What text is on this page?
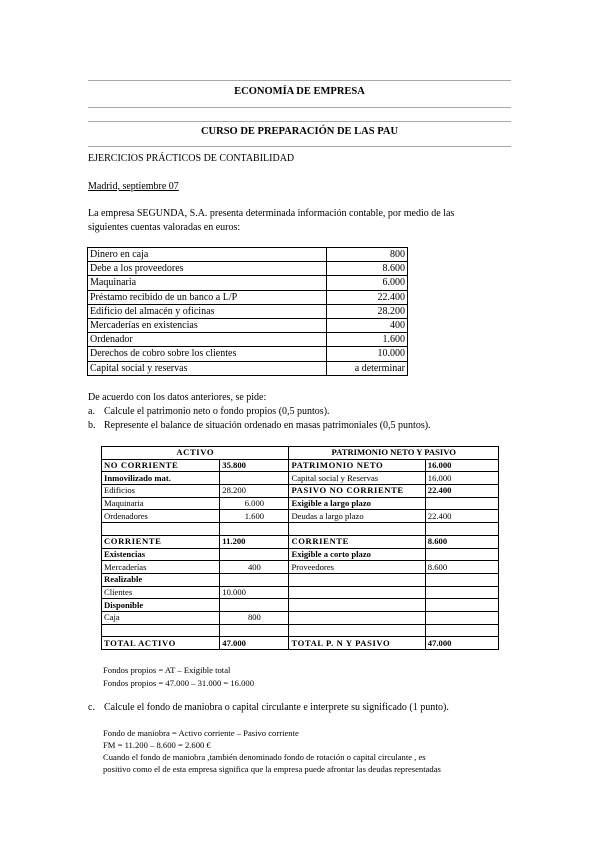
ECONOMÍA DE EMPRESA
CURSO DE PREPARACIÓN DE LAS PAU
EJERCICIOS PRÁCTICOS DE CONTABILIDAD
Madrid, septiembre 07
La empresa SEGUNDA, S.A. presenta determinada información contable, por medio de las
siguientes cuentas valoradas en euros:
Dinero en caja	800
Debe a los proveedores	8.600
Maquinaria	6.000
Préstamo recibido de un banco a L/P	22.400
Edificio del almacén y oficinas	28.200
Mercaderías en existencias	400
Ordenador	1.600
Derechos de cobro sobre los clientes	10.000
Capital social y reservas	a determinar
De acuerdo con los datos anteriores, se pide:
a. Calcule el patrimonio neto o fondo propios (0,5 puntos).
b. Represente el balance de situación ordenado en masas patrimoniales (0,5 puntos).
ACTIVO		PATRIMONIO NETO Y PASIVO	
NO CORRIENTE	35.800	PATRIMONIO NETO	16.000
Inmovilizado mat.		Capital social y Reservas	16.000
Edificios	28.200	PASIVO NO CORRIENTE	22.400
Maquinaria	6.000	Exigible a largo plazo	
Ordenadores	1.600	Deudas a largo plazo	22.400

CORRIENTE	11.200	CORRIENTE	8.600
Existencias		Exigible a corto plazo	
Mercaderías	400	Proveedores	8.600
Realizable			
Clientes	10.000		
Disponible			
Caja	800		

TOTAL ACTIVO	47.000	TOTAL P. N Y PASIVO	47.000
Fondos propios = AT – Exigible total
Fondos propios = 47.000 – 31.000 = 16.000
c. Calcule el fondo de maniobra o capital circulante e interprete su significado (1 punto).
Fondo de maniobra = Activo corriente – Pasivo corriente
FM = 11.200 – 8.600 = 2.600 €
Cuando el fondo de maniobra ,también denominado fondo de rotación o capital circulante , es
positivo como el de esta empresa significa que la empresa puede afrontar las deudas representadas
